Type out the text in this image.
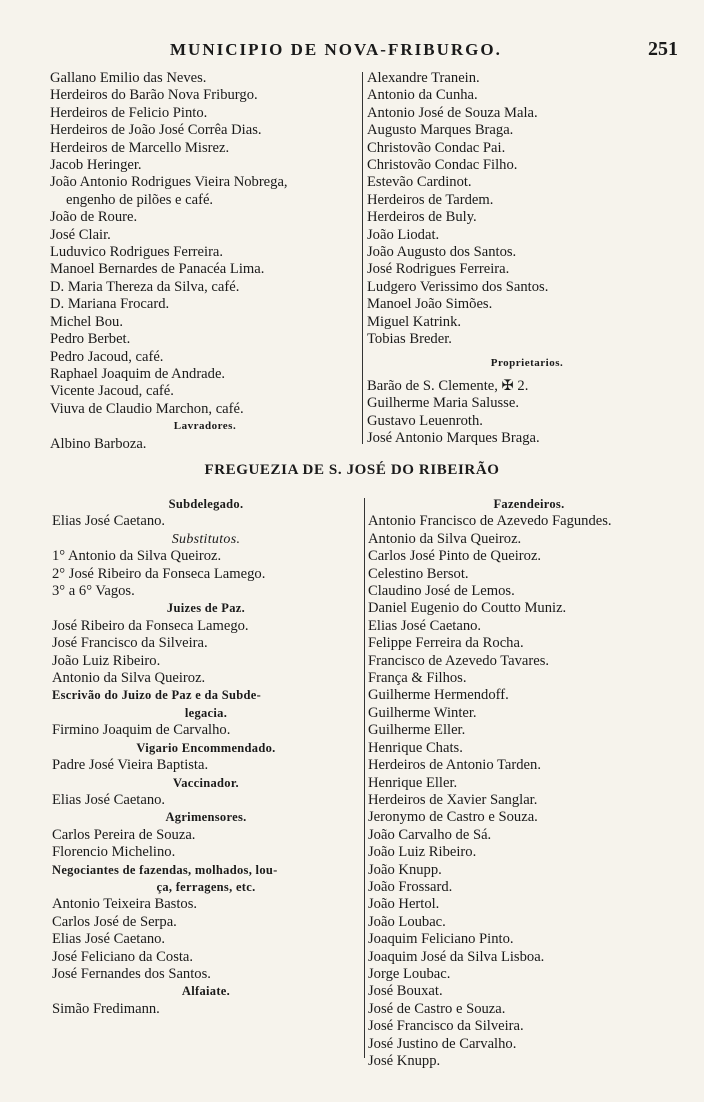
MUNICIPIO DE NOVA-FRIBURGO.	251
Gallano Emilio das Neves.
Herdeiros do Barão Nova Friburgo.
Herdeiros de Felicio Pinto.
Herdeiros de João José Corrêa Dias.
Herdeiros de Marcello Misrez.
Jacob Heringer.
João Antonio Rodrigues Vieira Nobrega,
engenho de pilões e café.
João de Roure.
José Clair.
Luduvico Rodrigues Ferreira.
Manoel Bernardes de Panacéa Lima.
D. Maria Thereza da Silva, café.
D. Mariana Frocard.
Michel Bou.
Pedro Berbet.
Pedro Jacoud, café.
Raphael Joaquim de Andrade.
Vicente Jacoud, café.
Viuva de Claudio Marchon, café.
Lavradores.
Albino Barboza.
Alexandre Tranein.
Antonio da Cunha.
Antonio José de Souza Mala.
Augusto Marques Braga.
Christovão Condac Pai.
Christovão Condac Filho.
Estevão Cardinot.
Herdeiros de Tardem.
Herdeiros de Buly.
João Liodat.
João Augusto dos Santos.
José Rodrigues Ferreira.
Ludgero Verissimo dos Santos.
Manoel João Simões.
Miguel Katrink.
Tobias Breder.
Proprietarios.
Barão de S. Clemente, ✠ 2.
Guilherme Maria Salusse.
Gustavo Leuenroth.
José Antonio Marques Braga.
FREGUEZIA DE S. JOSÉ DO RIBEIRÃO
Subdelegado.
Elias José Caetano.
Substitutos.
1° Antonio da Silva Queiroz.
2° José Ribeiro da Fonseca Lamego.
3° a 6° Vagos.
Juizes de Paz.
José Ribeiro da Fonseca Lamego.
José Francisco da Silveira.
João Luiz Ribeiro.
Antonio da Silva Queiroz.
Escrivão do Juizo de Paz e da Subde-
legacia.
Firmino Joaquim de Carvalho.
Vigario Encommendado.
Padre José Vieira Baptista.
Vaccinador.
Elias José Caetano.
Agrimensores.
Carlos Pereira de Souza.
Florencio Michelino.
Negociantes de fazendas, molhados, lou-
ça, ferragens, etc.
Antonio Teixeira Bastos.
Carlos José de Serpa.
Elias José Caetano.
José Feliciano da Costa.
José Fernandes dos Santos.
Alfaiate.
Simão Fredimann.
Fazendeiros.
Antonio Francisco de Azevedo Fagundes.
Antonio da Silva Queiroz.
Carlos José Pinto de Queiroz.
Celestino Bersot.
Claudino José de Lemos.
Daniel Eugenio do Coutto Muniz.
Elias José Caetano.
Felippe Ferreira da Rocha.
Francisco de Azevedo Tavares.
França & Filhos.
Guilherme Hermendoff.
Guilherme Winter.
Guilherme Eller.
Henrique Chats.
Herdeiros de Antonio Tarden.
Henrique Eller.
Herdeiros de Xavier Sanglar.
Jeronymo de Castro e Souza.
João Carvalho de Sá.
João Luiz Ribeiro.
João Knupp.
João Frossard.
João Hertol.
João Loubac.
Joaquim Feliciano Pinto.
Joaquim José da Silva Lisboa.
Jorge Loubac.
José Bouxat.
José de Castro e Souza.
José Francisco da Silveira.
José Justino de Carvalho.
José Knupp.
